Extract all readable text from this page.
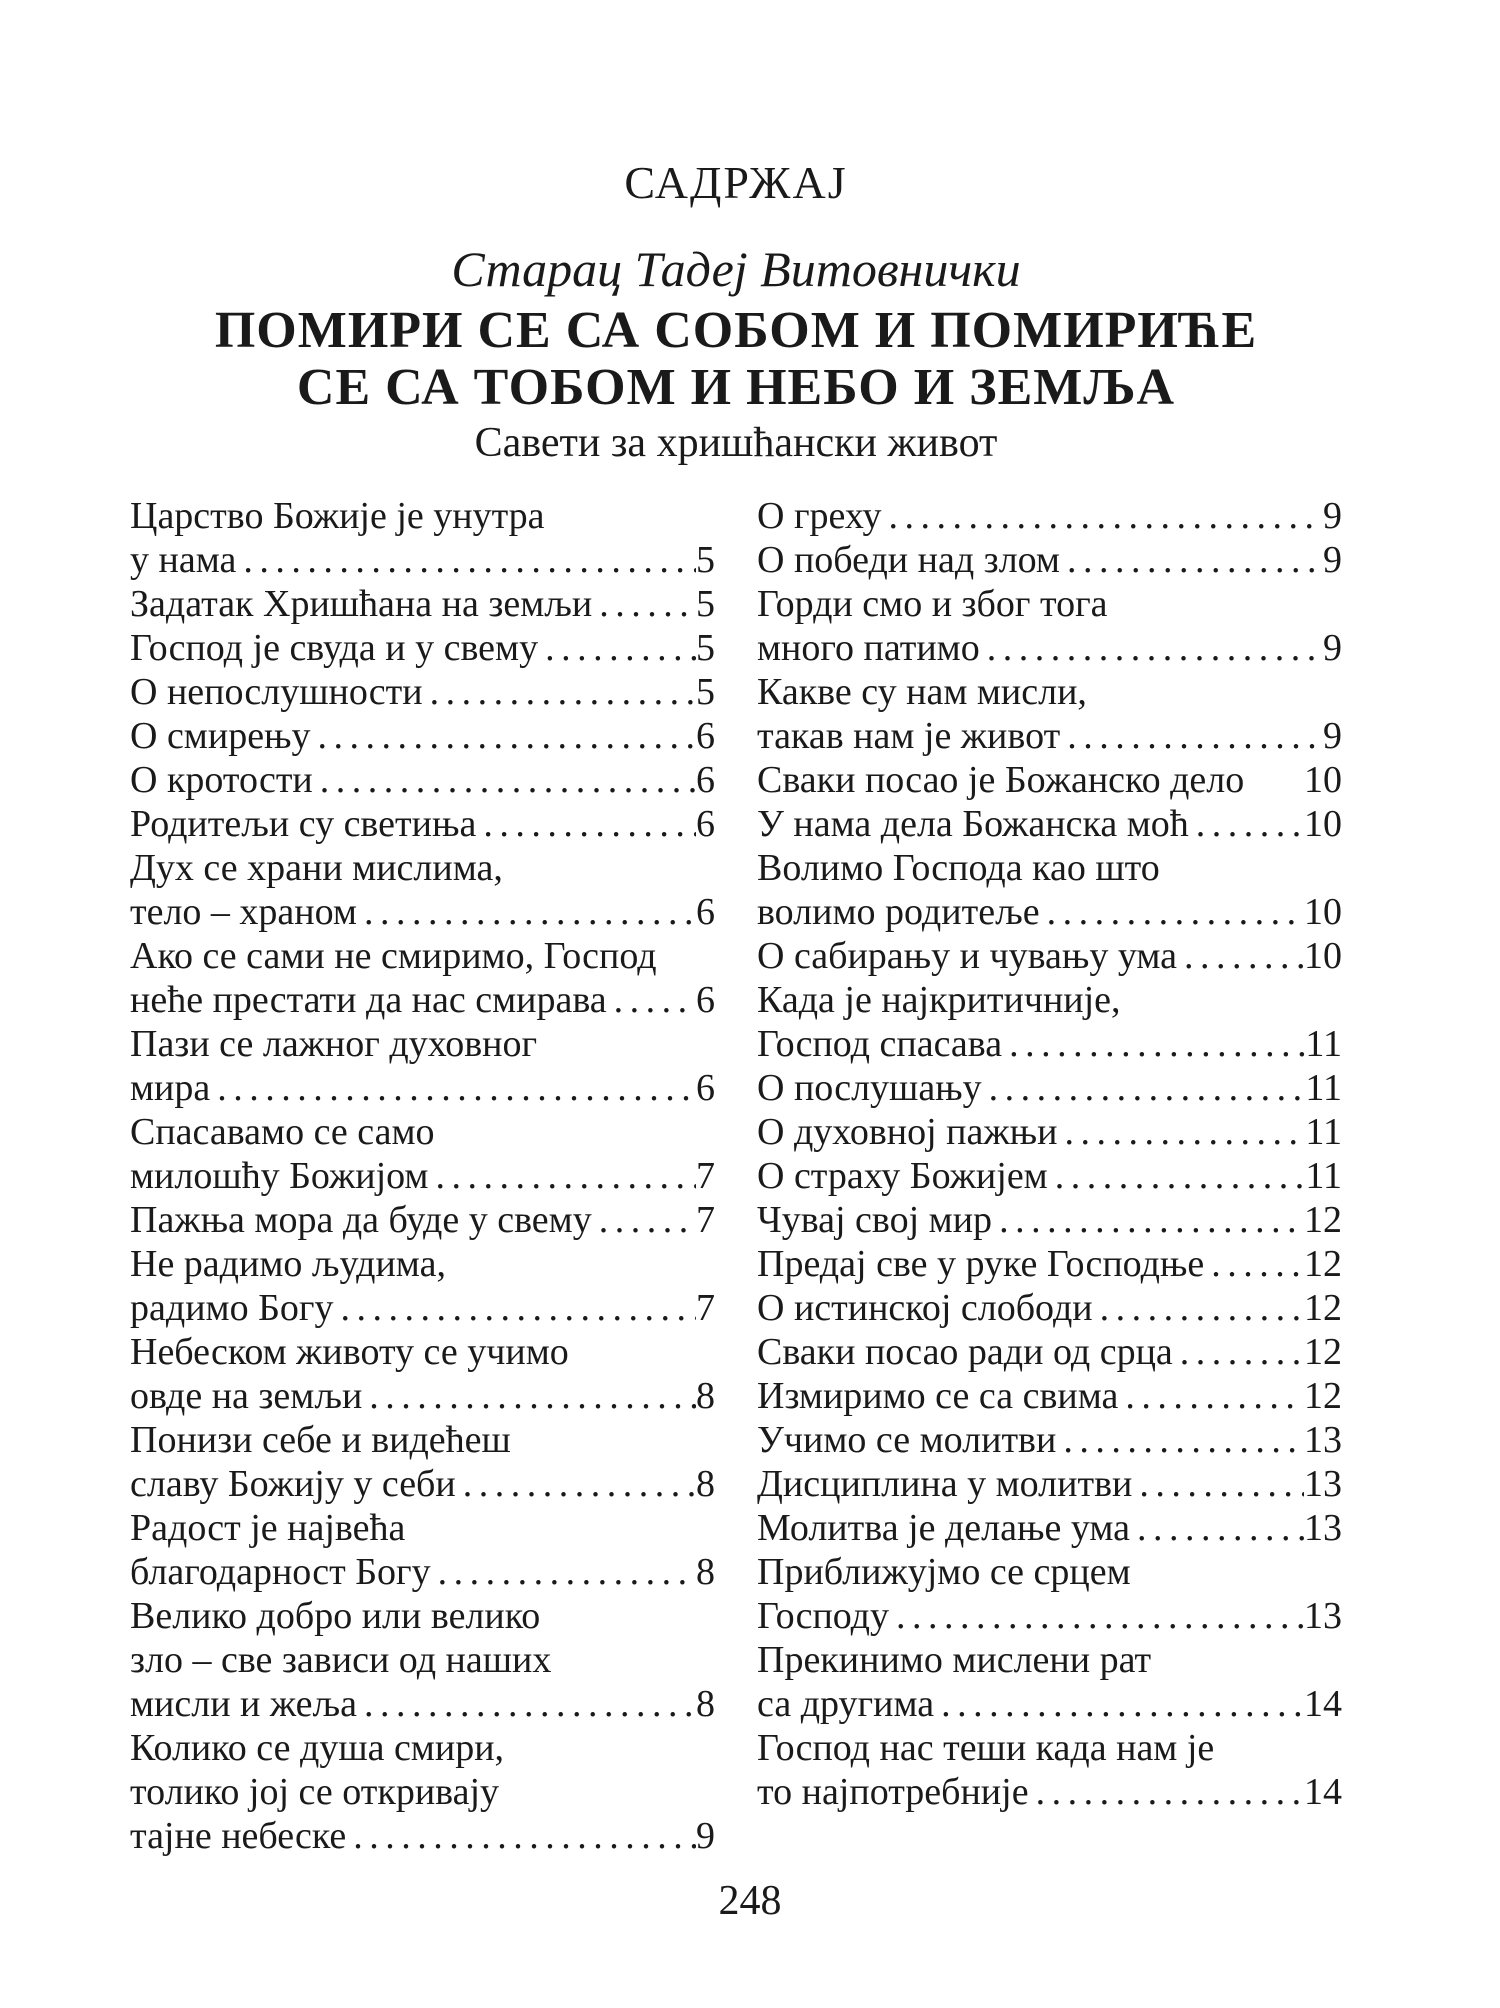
САДРЖАЈ
Старац Тадеј Витовнички
ПОМИРИ СЕ СА СОБОМ И ПОМИРИЋЕ
СЕ СА ТОБОМ И НЕБО И ЗЕМЉА
Савети за хришћански живот
Царство Божије је унутра
у нама . . .	5
Задатак Хришћана на земљи . . .	5
Господ је свуда и у свему . . .	5
О непослушности . . .	5
О смирењу . . .	6
О кротости . . .	6
Родитељи су светиња . . .	6
Дух се храни мислима,
тело – храном . . .	6
Ако се сами не смиримо, Господ
неће престати да нас смирава . . . 6
Пази се лажног духовног
мира . . .	6
Спасавамо се само
милошћу Божијом . . .	7
Пажња мора да буде у свему . . .	7
Не радимо људима,
радимо Богу . . .	7
Небеском животу се учимо
овде на земљи . . .	8
Понизи себе и видећеш
славу Божију у себи . . .	8
Радост је највећа
благодарност Богу . . .	8
Велико добро или велико
зло – све зависи од наших
мисли и жеља . . .	8
Колико се душа смири,
толико јој се откривају
тајне небеске . . .	9
О греху . . .	9
О победи над злом . . .	9
Горди смо и због тога
много патимо . . .	9
Какве су нам мисли,
такав нам је живот . . .	9
Сваки посао је Божанско дело 10
У нама дела Божанска моћ . . .	10
Волимо Господа као што
волимо родитеље . . .	10
О сабирању и чувању ума . . .	10
Када је најкритичније,
Господ спасава . . .	11
О послушању . . .	11
О духовној пажњи . . .	11
О страху Божијем . . .	11
Чувај свој мир . . .	12
Предај све у руке Господње . . .	12
О истинској слободи . . .	12
Сваки посао ради од срца . . .	12
Измиримо се са свима . . .	12
Учимо се молитви . . .	13
Дисциплина у молитви . . .	13
Молитва је делање ума . . .	13
Приближујмо се срцем
Господу . . .	13
Прекинимо мислени рат
са другима . . .	14
Господ нас теши када нам је
то најпотребније . . .	14
248
